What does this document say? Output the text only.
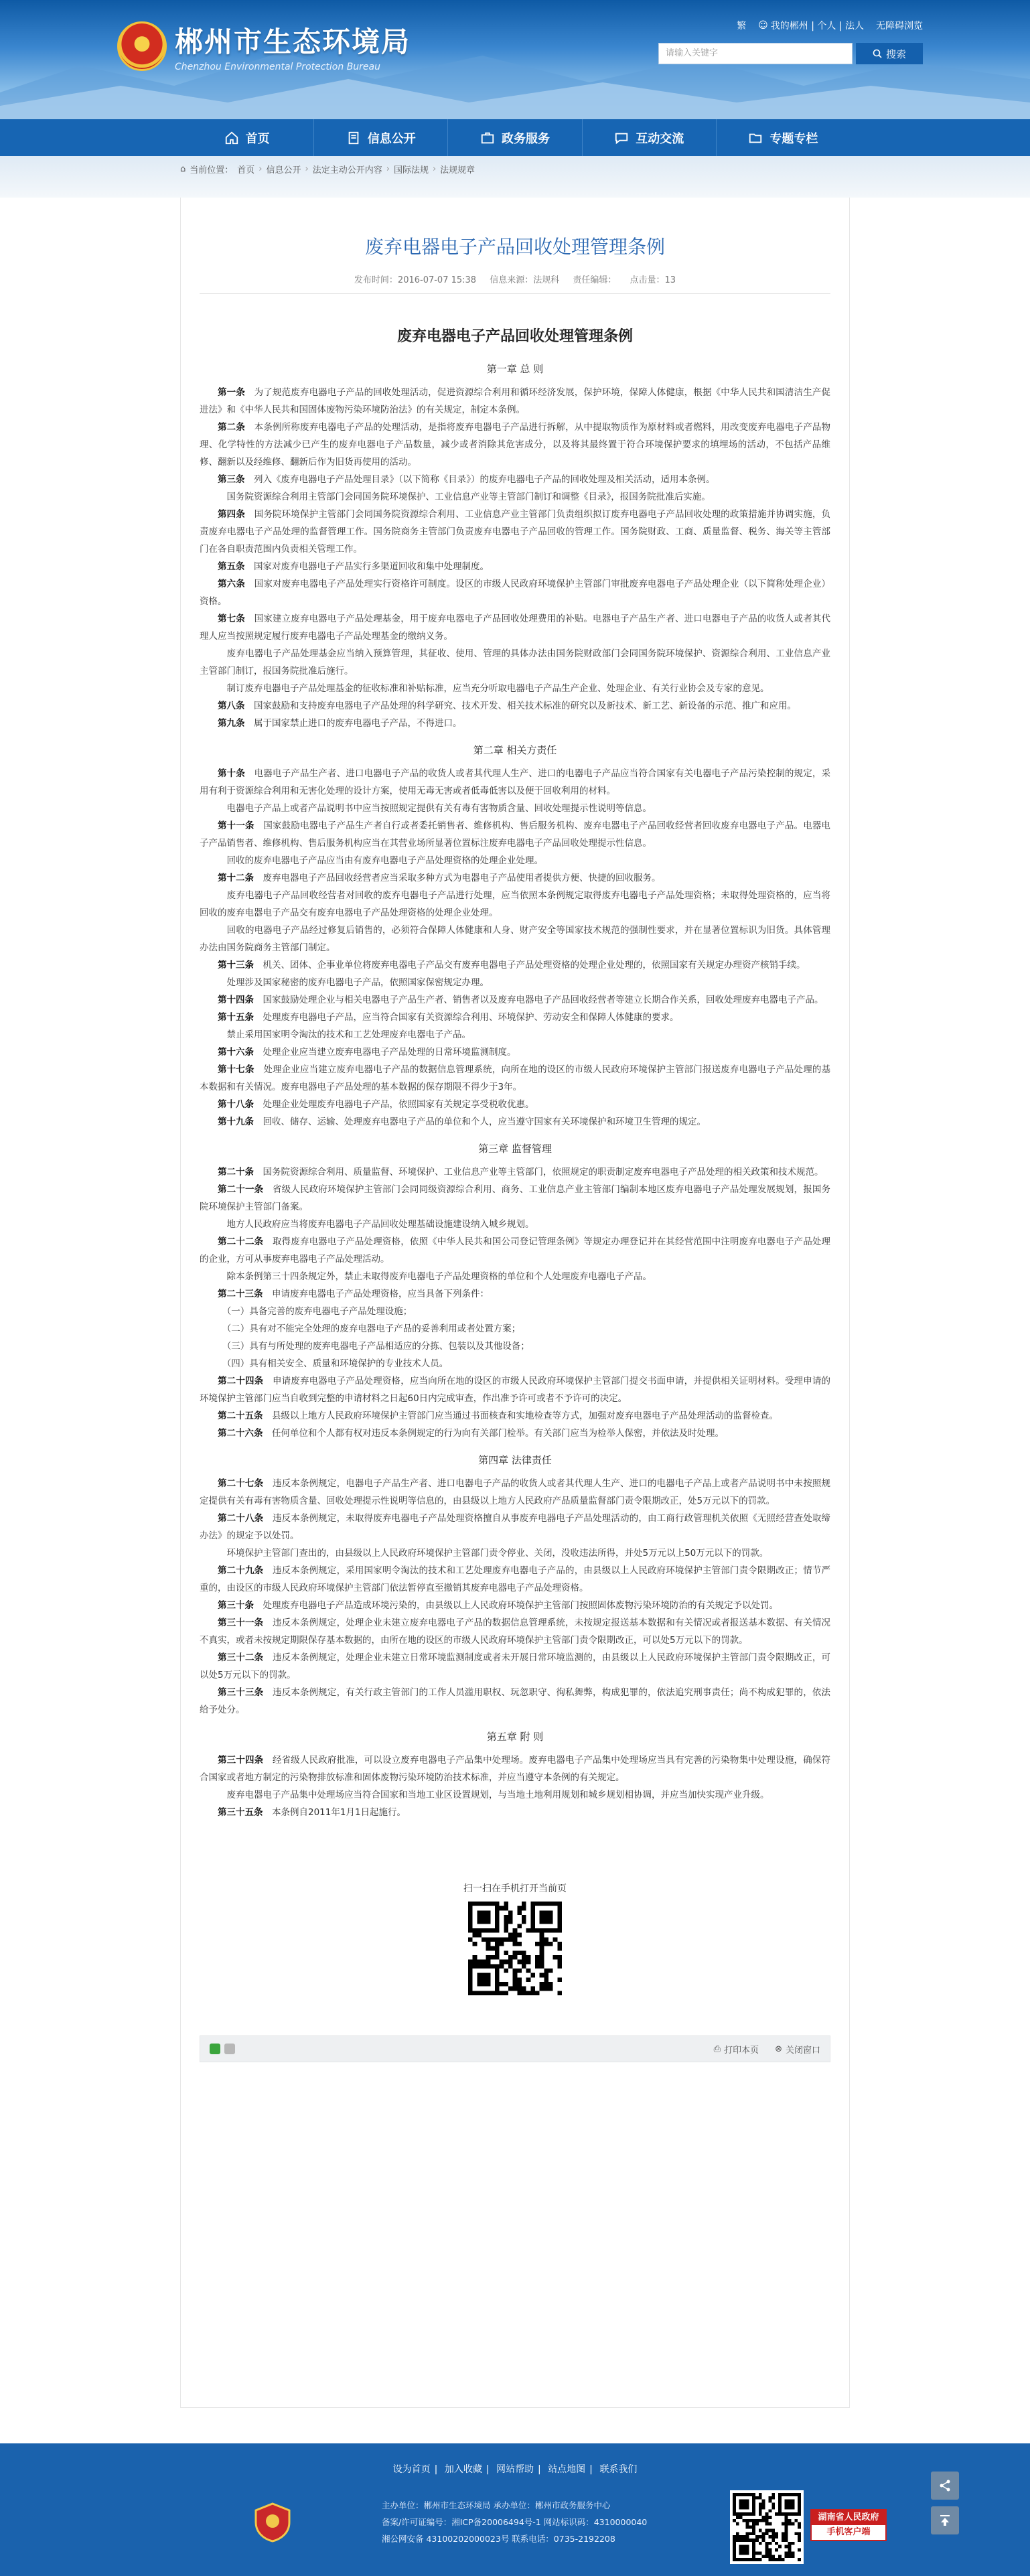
郴州市生态环境局
Chenzhou Environmental Protection Bureau
繁 ☺ 我的郴州 | 个人 | 法人 无障碍浏览
请输入关键字	搜索
首页	信息公开	政务服务	互动交流	专题专栏
⌂ 当前位置： 首页 › 信息公开 › 法定主动公开内容 › 国际法规 › 法规规章
废弃电器电子产品回收处理管理条例
发布时间：2016-07-07 15:38 信息来源：法规科 责任编辑： 点击量：13
废弃电器电子产品回收处理管理条例
第一章 总 则

第一条　 为了规范废弃电器电子产品的回收处理活动，促进资源综合利用和循环经济发展，保护环境，保障人体健康，根据《中华人民共和国清洁生产促进法》和《中华人民共和国固体废物污染环境防治法》的有关规定，制定本条例。

第二条　 本条例所称废弃电器电子产品的处理活动，是指将废弃电器电子产品进行拆解，从中提取物质作为原材料或者燃料，用改变废弃电器电子产品物理、化学特性的方法减少已产生的废弃电器电子产品数量，减少或者消除其危害成分，以及将其最终置于符合环境保护要求的填埋场的活动，不包括产品维修、翻新以及经维修、翻新后作为旧货再使用的活动。

第三条　 列入《废弃电器电子产品处理目录》（以下简称《目录》）的废弃电器电子产品的回收处理及相关活动，适用本条例。

　国务院资源综合利用主管部门会同国务院环境保护、工业信息产业等主管部门制订和调整《目录》，报国务院批准后实施。

第四条　 国务院环境保护主管部门会同国务院资源综合利用、工业信息产业主管部门负责组织拟订废弃电器电子产品回收处理的政策措施并协调实施，负责废弃电器电子产品处理的监督管理工作。国务院商务主管部门负责废弃电器电子产品回收的管理工作。国务院财政、工商、质量监督、税务、海关等主管部门在各自职责范围内负责相关管理工作。

第五条　 国家对废弃电器电子产品实行多渠道回收和集中处理制度。

第六条　 国家对废弃电器电子产品处理实行资格许可制度。设区的市级人民政府环境保护主管部门审批废弃电器电子产品处理企业（以下简称处理企业）资格。

第七条　 国家建立废弃电器电子产品处理基金，用于废弃电器电子产品回收处理费用的补贴。电器电子产品生产者、进口电器电子产品的收货人或者其代理人应当按照规定履行废弃电器电子产品处理基金的缴纳义务。

　废弃电器电子产品处理基金应当纳入预算管理，其征收、使用、管理的具体办法由国务院财政部门会同国务院环境保护、资源综合利用、工业信息产业主管部门制订，报国务院批准后施行。

　制订废弃电器电子产品处理基金的征收标准和补贴标准，应当充分听取电器电子产品生产企业、处理企业、有关行业协会及专家的意见。

第八条　 国家鼓励和支持废弃电器电子产品处理的科学研究、技术开发、相关技术标准的研究以及新技术、新工艺、新设备的示范、推广和应用。

第九条　 属于国家禁止进口的废弃电器电子产品，不得进口。

第二章 相关方责任

第十条　 电器电子产品生产者、进口电器电子产品的收货人或者其代理人生产、进口的电器电子产品应当符合国家有关电器电子产品污染控制的规定，采用有利于资源综合利用和无害化处理的设计方案，使用无毒无害或者低毒低害以及便于回收利用的材料。

　电器电子产品上或者产品说明书中应当按照规定提供有关有毒有害物质含量、回收处理提示性说明等信息。

第十一条　 国家鼓励电器电子产品生产者自行或者委托销售者、维修机构、售后服务机构、废弃电器电子产品回收经营者回收废弃电器电子产品。电器电子产品销售者、维修机构、售后服务机构应当在其营业场所显著位置标注废弃电器电子产品回收处理提示性信息。

　回收的废弃电器电子产品应当由有废弃电器电子产品处理资格的处理企业处理。

第十二条　 废弃电器电子产品回收经营者应当采取多种方式为电器电子产品使用者提供方便、快捷的回收服务。

　废弃电器电子产品回收经营者对回收的废弃电器电子产品进行处理，应当依照本条例规定取得废弃电器电子产品处理资格；未取得处理资格的，应当将回收的废弃电器电子产品交有废弃电器电子产品处理资格的处理企业处理。

　回收的电器电子产品经过修复后销售的，必须符合保障人体健康和人身、财产安全等国家技术规范的强制性要求，并在显著位置标识为旧货。具体管理办法由国务院商务主管部门制定。

第十三条　 机关、团体、企事业单位将废弃电器电子产品交有废弃电器电子产品处理资格的处理企业处理的，依照国家有关规定办理资产核销手续。

　处理涉及国家秘密的废弃电器电子产品，依照国家保密规定办理。

第十四条　 国家鼓励处理企业与相关电器电子产品生产者、销售者以及废弃电器电子产品回收经营者等建立长期合作关系，回收处理废弃电器电子产品。

第十五条　 处理废弃电器电子产品，应当符合国家有关资源综合利用、环境保护、劳动安全和保障人体健康的要求。

　禁止采用国家明令淘汰的技术和工艺处理废弃电器电子产品。

第十六条　 处理企业应当建立废弃电器电子产品处理的日常环境监测制度。

第十七条　 处理企业应当建立废弃电器电子产品的数据信息管理系统，向所在地的设区的市级人民政府环境保护主管部门报送废弃电器电子产品处理的基本数据和有关情况。废弃电器电子产品处理的基本数据的保存期限不得少于3年。

第十八条　 处理企业处理废弃电器电子产品，依照国家有关规定享受税收优惠。

第十九条　 回收、储存、运输、处理废弃电器电子产品的单位和个人，应当遵守国家有关环境保护和环境卫生管理的规定。

第三章 监督管理

第二十条　 国务院资源综合利用、质量监督、环境保护、工业信息产业等主管部门，依照规定的职责制定废弃电器电子产品处理的相关政策和技术规范。

第二十一条　 省级人民政府环境保护主管部门会同同级资源综合利用、商务、工业信息产业主管部门编制本地区废弃电器电子产品处理发展规划，报国务院环境保护主管部门备案。

　地方人民政府应当将废弃电器电子产品回收处理基础设施建设纳入城乡规划。

第二十二条　 取得废弃电器电子产品处理资格，依照《中华人民共和国公司登记管理条例》等规定办理登记并在其经营范围中注明废弃电器电子产品处理的企业，方可从事废弃电器电子产品处理活动。

　除本条例第三十四条规定外，禁止未取得废弃电器电子产品处理资格的单位和个人处理废弃电器电子产品。

第二十三条　 申请废弃电器电子产品处理资格，应当具备下列条件：

　（一）具备完善的废弃电器电子产品处理设施；

　（二）具有对不能完全处理的废弃电器电子产品的妥善利用或者处置方案；

　（三）具有与所处理的废弃电器电子产品相适应的分拣、包装以及其他设备；

　（四）具有相关安全、质量和环境保护的专业技术人员。

第二十四条　 申请废弃电器电子产品处理资格，应当向所在地的设区的市级人民政府环境保护主管部门提交书面申请，并提供相关证明材料。受理申请的环境保护主管部门应当自收到完整的申请材料之日起60日内完成审查，作出准予许可或者不予许可的决定。

第二十五条　 县级以上地方人民政府环境保护主管部门应当通过书面核查和实地检查等方式，加强对废弃电器电子产品处理活动的监督检查。

第二十六条　 任何单位和个人都有权对违反本条例规定的行为向有关部门检举。有关部门应当为检举人保密，并依法及时处理。

第四章 法律责任

第二十七条　 违反本条例规定，电器电子产品生产者、进口电器电子产品的收货人或者其代理人生产、进口的电器电子产品上或者产品说明书中未按照规定提供有关有毒有害物质含量、回收处理提示性说明等信息的，由县级以上地方人民政府产品质量监督部门责令限期改正，处5万元以下的罚款。

第二十八条　 违反本条例规定，未取得废弃电器电子产品处理资格擅自从事废弃电器电子产品处理活动的，由工商行政管理机关依照《无照经营查处取缔办法》的规定予以处罚。

　环境保护主管部门查出的，由县级以上人民政府环境保护主管部门责令停业、关闭，没收违法所得，并处5万元以上50万元以下的罚款。

第二十九条　 违反本条例规定，采用国家明令淘汰的技术和工艺处理废弃电器电子产品的，由县级以上人民政府环境保护主管部门责令限期改正；情节严重的，由设区的市级人民政府环境保护主管部门依法暂停直至撤销其废弃电器电子产品处理资格。

第三十条　 处理废弃电器电子产品造成环境污染的，由县级以上人民政府环境保护主管部门按照固体废物污染环境防治的有关规定予以处罚。

第三十一条　 违反本条例规定，处理企业未建立废弃电器电子产品的数据信息管理系统，未按规定报送基本数据和有关情况或者报送基本数据、有关情况不真实，或者未按规定期限保存基本数据的，由所在地的设区的市级人民政府环境保护主管部门责令限期改正，可以处5万元以下的罚款。

第三十二条　 违反本条例规定，处理企业未建立日常环境监测制度或者未开展日常环境监测的，由县级以上人民政府环境保护主管部门责令限期改正，可以处5万元以下的罚款。

第三十三条　 违反本条例规定，有关行政主管部门的工作人员滥用职权、玩忽职守、徇私舞弊，构成犯罪的，依法追究刑事责任；尚不构成犯罪的，依法给予处分。

第五章 附 则

第三十四条　 经省级人民政府批准，可以设立废弃电器电子产品集中处理场。废弃电器电子产品集中处理场应当具有完善的污染物集中处理设施，确保符合国家或者地方制定的污染物排放标准和固体废物污染环境防治技术标准，并应当遵守本条例的有关规定。

　废弃电器电子产品集中处理场应当符合国家和当地工业区设置规划，与当地土地利用规划和城乡规划相协调，并应当加快实现产业升级。

第三十五条　 本条例自2011年1月1日起施行。

扫一扫在手机打开当前页
⎙ 打印本页 ⊗ 关闭窗口
设为首页 | 加入收藏 | 网站帮助 | 站点地图 | 联系我们
主办单位：郴州市生态环境局 承办单位：郴州市政务服务中心
备案/许可证编号：湘ICP备20006494号-1 网站标识码：4310000040
湘公网安备 43100202000023号 联系电话：0735-2192208
湖南省人民政府
手机客户端
